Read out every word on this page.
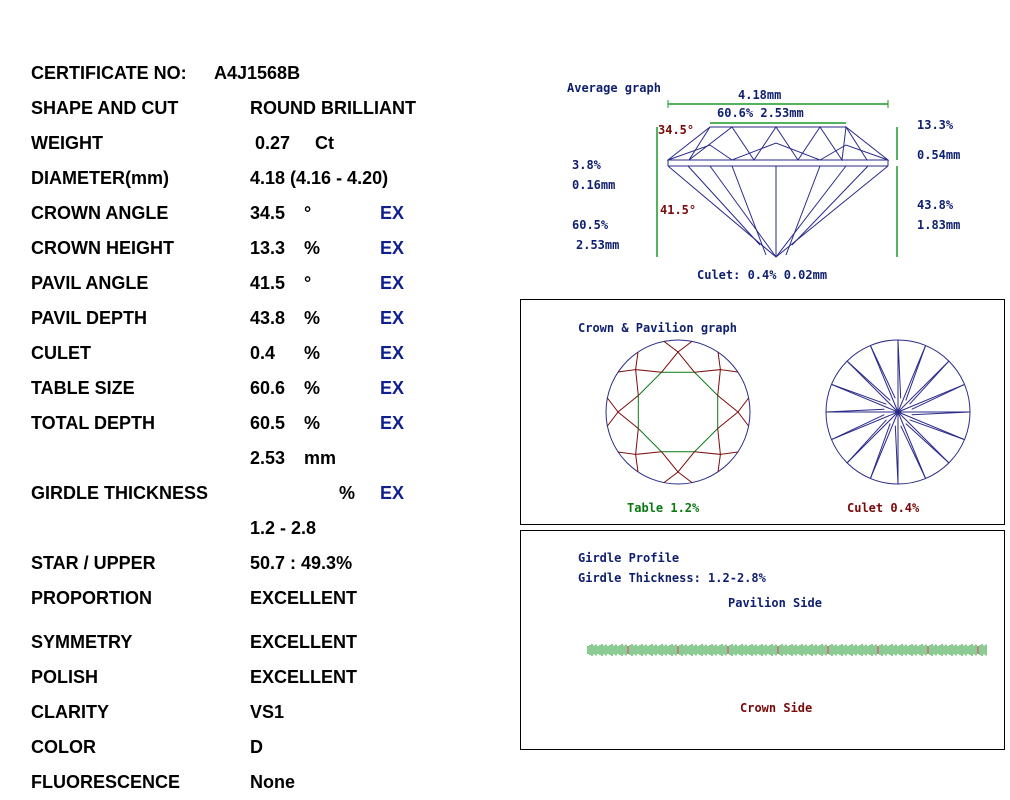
CERTIFICATE NO: A4J1568B
SHAPE AND CUT	ROUND BRILLIANT
WEIGHT	0.27 Ct
DIAMETER(mm)	4.18 (4.16 - 4.20)
CROWN ANGLE	34.5 °	EX
CROWN HEIGHT	13.3 %	EX
PAVIL ANGLE	41.5 °	EX
PAVIL DEPTH	43.8 %	EX
CULET	0.4 %	EX
TABLE SIZE	60.6 %	EX
TOTAL DEPTH	60.5 %	EX
2.53 mm
GIRDLE THICKNESS	% EX
1.2 - 2.8
STAR / UPPER	50.7 : 49.3%
PROPORTION	EXCELLENT
SYMMETRY	EXCELLENT
POLISH	EXCELLENT
CLARITY	VS1
COLOR	D
FLUORESCENCE	None
Average graph	4.18mm
60.6% 2.53mm
34.5°
41.5°
13.3%
0.54mm
3.8%
0.16mm
60.5%
2.53mm
43.8%
1.83mm
Culet: 0.4% 0.02mm
Crown & Pavilion graph
Table 1.2%	Culet 0.4%
Girdle Profile
Girdle Thickness: 1.2-2.8%
Pavilion Side
Crown Side
